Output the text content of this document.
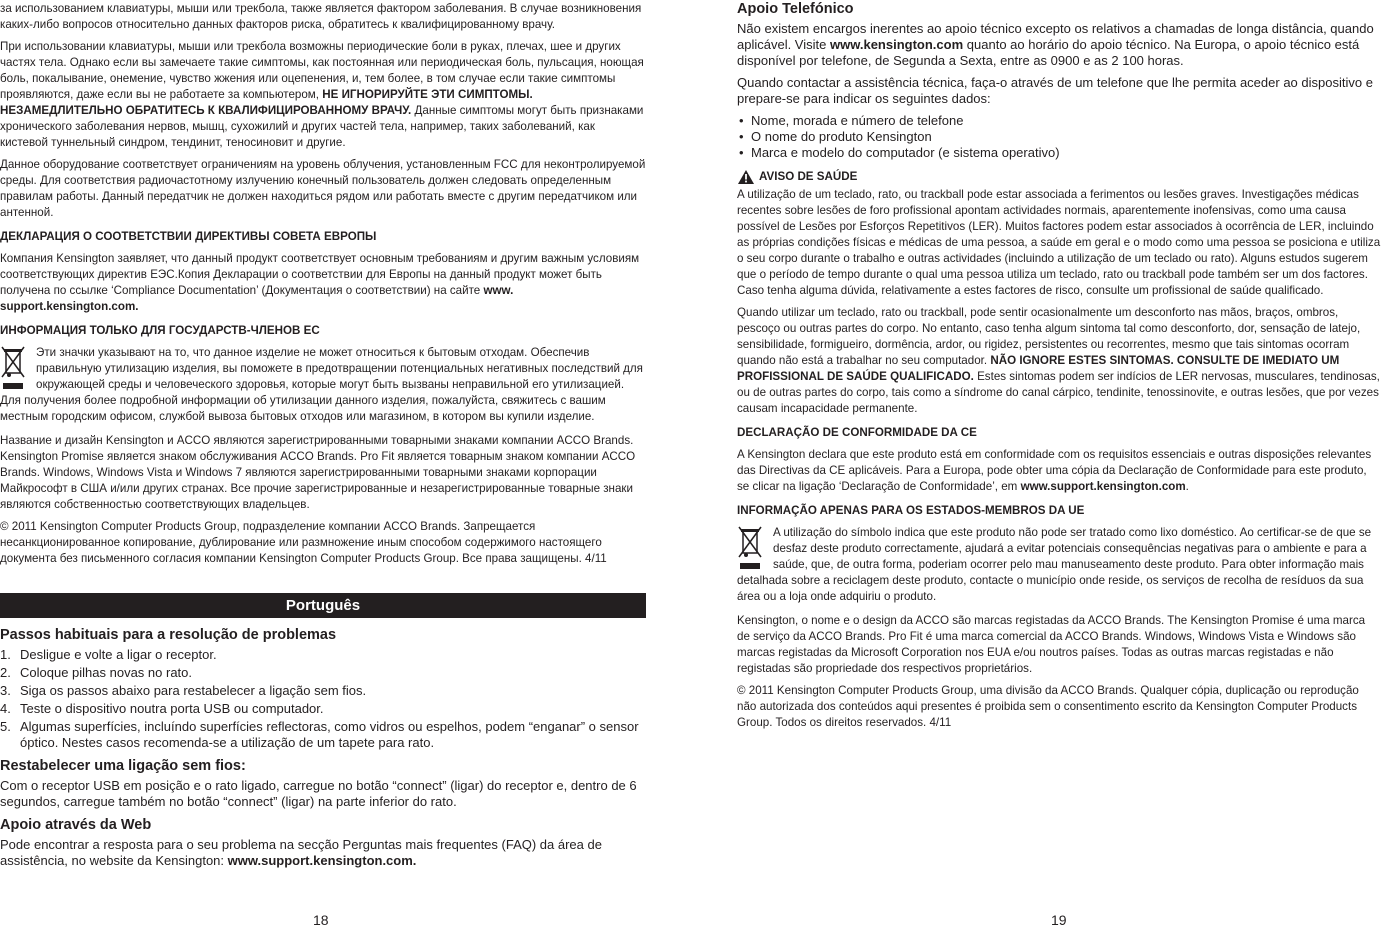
за использованием клавиатуры, мыши или трекбола, также является фактором заболевания. В случае возникновения каких-либо вопросов относительно данных факторов риска, обратитесь к квалифицированному врачу.

При использовании клавиатуры, мыши или трекбола возможны периодические боли в руках, плечах, шее и других частях тела. Однако если вы замечаете такие симптомы, как постоянная или периодическая боль, пульсация, ноющая боль, покалывание, онемение, чувство жжения или оцепенения, и, тем более, в том случае если такие симптомы проявляются, даже если вы не работаете за компьютером, НЕ ИГНОРИРУЙТЕ ЭТИ СИМПТОМЫ. НЕЗАМЕДЛИТЕЛЬНО ОБРАТИТЕСЬ К КВАЛИФИЦИРОВАННОМУ ВРАЧУ. Данные симптомы могут быть признаками хронического заболевания нервов, мышц, сухожилий и других частей тела, например, таких заболеваний, как кистевой туннельный синдром, тендинит, теносиновит и другие.

Данное оборудование соответствует ограничениям на уровень облучения, установленным FCC для неконтролируемой среды. Для соответствия радиочастотному излучению конечный пользователь должен следовать определенным правилам работы. Данный передатчик не должен находиться рядом или работать вместе с другим передатчиком или антенной.

ДЕКЛАРАЦИЯ О СООТВЕТСТВИИ ДИРЕКТИВЫ СОВЕТА ЕВРОПЫ

Компания Kensington заявляет, что данный продукт соответствует основным требованиям и другим важным условиям соответствующих директив ЕЭС.Копия Декларации о соответствии для Европы на данный продукт может быть получена по ссылке ‘Compliance Documentation’ (Документация о соответствии) на сайте www. support.kensington.com.

ИНФОРМАЦИЯ ТОЛЬКО ДЛЯ ГОСУДАРСТВ-ЧЛЕНОВ ЕС

Эти значки указывают на то, что данное изделие не может относиться к бытовым отходам. Обеспечив правильную утилизацию изделия, вы поможете в предотвращении потенциальных негативных последствий для окружающей среды и человеческого здоровья, которые могут быть вызваны неправильной его утилизацией. Для получения более подробной информации об утилизации данного изделия, пожалуйста, свяжитесь с вашим местным городским офисом, службой вывоза бытовых отходов или магазином, в котором вы купили изделие.

Название и дизайн Kensington и ACCO являются зарегистрированными товарными знаками компании ACCO Brands. Kensington Promise является знаком обслуживания ACCO Brands. Pro Fit является товарным знаком компании ACCO Brands. Windows, Windows Vista и Windows 7 являются зарегистрированными товарными знаками корпорации Майкрософт в США и/или других странах. Все прочие зарегистрированные и незарегистрированные товарные знаки являются собственностью соответствующих владельцев.

© 2011 Kensington Computer Products Group, подразделение компании ACCO Brands. Запрещается несанкционированное копирование, дублирование или размножение иным способом содержимого настоящего документа без письменного согласия компании Kensington Computer Products Group. Все права защищены. 4/11

Português
Passos habituais para a resolução de problemas
1. Desligue e volte a ligar o receptor.
2. Coloque pilhas novas no rato.
3. Siga os passos abaixo para restabelecer a ligação sem fios.
4. Teste o dispositivo noutra porta USB ou computador.
5. Algumas superfícies, incluíndo superfícies reflectoras, como vidros ou espelhos, podem “enganar” o sensor óptico. Nestes casos recomenda-se a utilização de um tapete para rato.
Restabelecer uma ligação sem fios:

Com o receptor USB em posição e o rato ligado, carregue no botão “connect” (ligar) do receptor e, dentro de 6 segundos, carregue também no botão “connect” (ligar) na parte inferior do rato.

Apoio através da Web

Pode encontrar a resposta para o seu problema na secção Perguntas mais frequentes (FAQ) da área de assistência, no website da Kensington: www.support.kensington.com.

18
Apoio Telefónico

Não existem encargos inerentes ao apoio técnico excepto os relativos a chamadas de longa distância, quando aplicável. Visite www.kensington.com quanto ao horário do apoio técnico. Na Europa, o apoio técnico está disponível por telefone, de Segunda a Sexta, entre as 0900 e as 2 100 horas.

Quando contactar a assistência técnica, faça-o através de um telefone que lhe permita aceder ao dispositivo e prepare-se para indicar os seguintes dados:

• Nome, morada e número de telefone
• O nome do produto Kensington
• Marca e modelo do computador (e sistema operativo)
AVISO DE SAÚDE

A utilização de um teclado, rato, ou trackball pode estar associada a ferimentos ou lesões graves. Investigações médicas recentes sobre lesões de foro profissional apontam actividades normais, aparentemente inofensivas, como uma causa possível de Lesões por Esforços Repetitivos (LER). Muitos factores podem estar associados à ocorrência de LER, incluindo as próprias condições físicas e médicas de uma pessoa, a saúde em geral e o modo como uma pessoa se posiciona e utiliza o seu corpo durante o trabalho e outras actividades (incluindo a utilização de um teclado ou rato). Alguns estudos sugerem que o período de tempo durante o qual uma pessoa utiliza um teclado, rato ou trackball pode também ser um dos factores. Caso tenha alguma dúvida, relativamente a estes factores de risco, consulte um profissional de saúde qualificado.

Quando utilizar um teclado, rato ou trackball, pode sentir ocasionalmente um desconforto nas mãos, braços, ombros, pescoço ou outras partes do corpo. No entanto, caso tenha algum sintoma tal como desconforto, dor, sensação de latejo, sensibilidade, formigueiro, dormência, ardor, ou rigidez, persistentes ou recorrentes, mesmo que tais sintomas ocorram quando não está a trabalhar no seu computador. NÃO IGNORE ESTES SINTOMAS. CONSULTE DE IMEDIATO UM PROFISSIONAL DE SAÚDE QUALIFICADO. Estes sintomas podem ser indícios de LER nervosas, musculares, tendinosas, ou de outras partes do corpo, tais como a síndrome do canal cárpico, tendinite, tenossinovite, e outras lesões, que por vezes causam incapacidade permanente.

DECLARAÇÃO DE CONFORMIDADE DA CE

A Kensington declara que este produto está em conformidade com os requisitos essenciais e outras disposições relevantes das Directivas da CE aplicáveis. Para a Europa, pode obter uma cópia da Declaração de Conformidade para este produto, se clicar na ligação ‘Declaração de Conformidade’, em www.support.kensington.com.

INFORMAÇÃO APENAS PARA OS ESTADOS-MEMBROS DA UE

A utilização do símbolo indica que este produto não pode ser tratado como lixo doméstico. Ao certificar-se de que se desfaz deste produto correctamente, ajudará a evitar potenciais consequências negativas para o ambiente e para a saúde, que, de outra forma, poderiam ocorrer pelo mau manuseamento deste produto. Para obter informação mais detalhada sobre a reciclagem deste produto, contacte o município onde reside, os serviços de recolha de resíduos da sua área ou a loja onde adquiriu o produto.

Kensington, o nome e o design da ACCO são marcas registadas da ACCO Brands. The Kensington Promise é uma marca de serviço da ACCO Brands. Pro Fit é uma marca comercial da ACCO Brands. Windows, Windows Vista e Windows são marcas registadas da Microsoft Corporation nos EUA e/ou noutros países. Todas as outras marcas registadas e não registadas são propriedade dos respectivos proprietários.

© 2011 Kensington Computer Products Group, uma divisão da ACCO Brands. Qualquer cópia, duplicação ou reprodução não autorizada dos conteúdos aqui presentes é proibida sem o consentimento escrito da Kensington Computer Products Group. Todos os direitos reservados. 4/11

19
